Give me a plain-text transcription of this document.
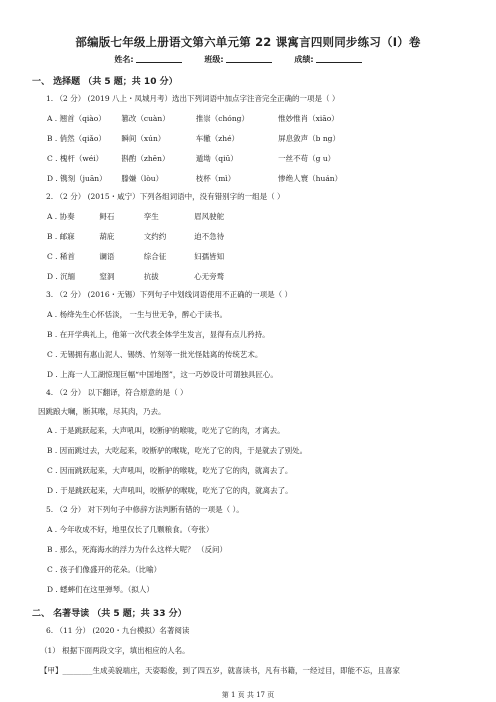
部编版七年级上册语文第六单元第 22 课寓言四则同步练习（I）卷
姓名:	班级:	成绩:
一、 选择题 （共 5 题；共 10 分）
1. （2 分） (2019 八上・凤城月考）选出下列词语中加点字注音完全正确的一项是（ ）
A . 翘首（qiào） 篡改（cuàn）	推崇（chóng）	惟妙惟肖（xiāo）
B . 俏然（qiǎo） 瞬间（xún）	车辙（zhé）	屏息敛声（b ng）
C . 槐杆（wéi） 斟酌（zhēn）	遁坳（qiū）	一丝不苟（g u）
D . 镌刻（juān） 滕嫌（lòu）	枝杯（mì）	惨绝人寰（huán）
2. （2 分） (2015・咸宁）下列各组词语中，没有错别字的一组是（ ）
A . 协奏	鲟石	孪生	眉风驶舵
B . 邮寐	葫庇	文约约	迫不急待
C . 稀首	谰语	综合征	妇孺皆知
D . 沉缅	窒洞	抗拔	心无旁骛
3. （2 分） (2016・无锡）下列句子中划线词语使用不正确的一项是（ ）
A . 杨绛先生心怀恬淡， 一生与世无争，醉心于读书。
B . 在开学典礼上，他第一次代表全体学生发言，显得有点儿矜持。
C . 无锡拥有惠山泥人、锡绣、竹刻等一批光怪陆离的传统艺术。
D . 上海一人工湖惊现巨幅“中国地图”，这一巧妙设计可谓独具匠心。
4. （2 分） 以下翻译，符合原意的是（ ）
因跳踉大㘎，断其喉，尽其肉，乃去。
A . 于是跳跃起来，大声吼叫，咬断驴的喉咙，吃光了它的肉，才离去。
B . 因而跳过去，大吃起来，咬断驴的喉咙，吃光了它的肉，于是就去了别处。
C . 因而跳跃起来，大声吼叫，咬断驴的喉咙，吃光了它的肉，就离去了。
D . 于是跳跃起来，大声吼叫，咬断驴的喉咙，吃光了它的肉，就离去了。
5. （2 分） 对下列句子中修辞方法判断有错的一项是（ ）。
A . 今年收成不好，地里仅长了几颗粮食。（夸张）
B . 那么，死海海水的浮力为什么这样大呢？ （反问）
C . 孩子们像盛开的花朵。（比喻）
D . 蟋蟀们在这里弹琴。（拟人）
二、 名著导读 （共 5 题；共 33 分）
6. （11 分） (2020・九台模拟）名著阅读
（1） 根据下面两段文字，填出相应的人名。
【甲】________生成美貌端庄，天姿聪俊，到了四五岁，就喜读书，凡有书籍，一经过目，即能不忘，且喜家
第 1 页 共 17 页
